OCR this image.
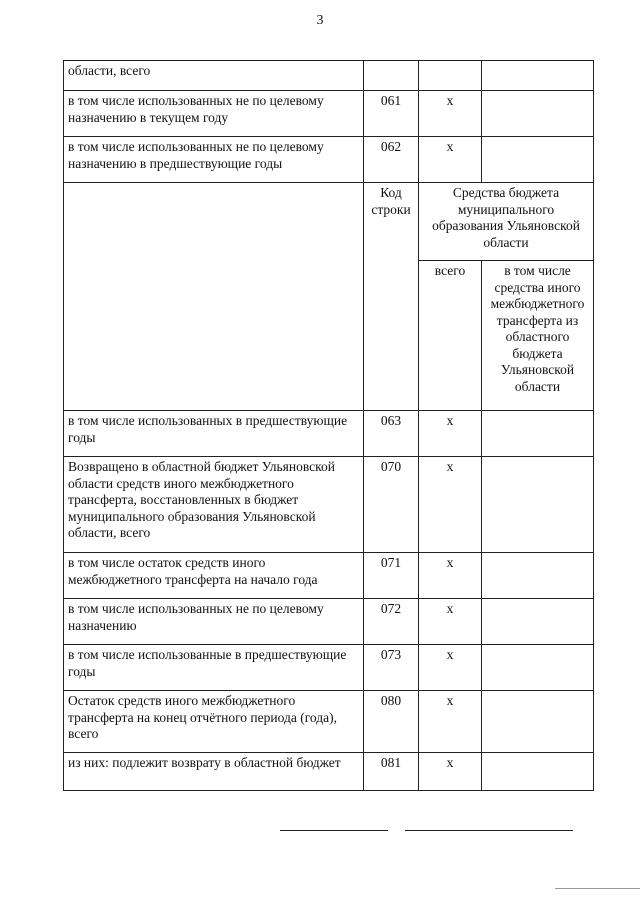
3
области, всего			
в том числе использованных не по целевому назначению в текущем году	061	х	
в том числе использованных не по целевому назначению в предшествующие годы	062	х	
	Код строки	Средства бюджета муниципального образования Ульяновской области	
		всего	в том числе средства иного межбюджетного трансферта из областного бюджета Ульяновской области
в том числе использованных в предшествующие годы	063	х	
Возвращено в областной бюджет Ульяновской области средств иного межбюджетного трансферта, восстановленных в бюджет муниципального образования Ульяновской области, всего	070	х	
в том числе остаток средств иного межбюджетного трансферта на начало года	071	х	
в том числе использованных не по целевому назначению	072	х	
в том числе использованные в предшествующие годы	073	х	
Остаток средств иного межбюджетного трансферта на конец отчётного периода (года), всего	080	х	
из них: подлежит возврату в областной бюджет	081	х	
